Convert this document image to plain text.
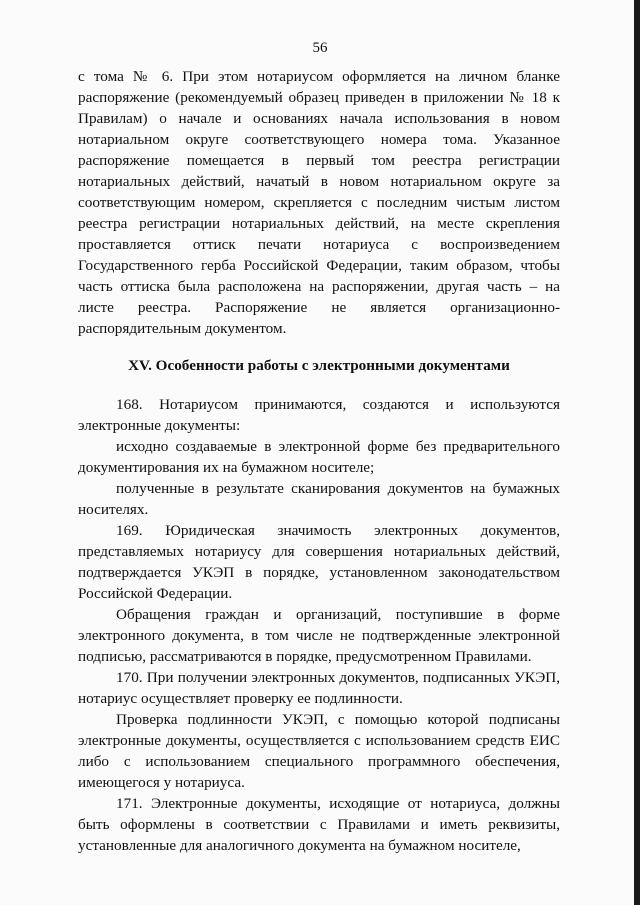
56

с тома № 6. При этом нотариусом оформляется на личном бланке распоряжение (рекомендуемый образец приведен в приложении № 18 к Правилам) о начале и основаниях начала использования в новом нотариальном округе соответствующего номера тома. Указанное распоряжение помещается в первый том реестра регистрации нотариальных действий, начатый в новом нотариальном округе за соответствующим номером, скрепляется с последним чистым листом реестра регистрации нотариальных действий, на месте скрепления проставляется оттиск печати нотариуса с воспроизведением Государственного герба Российской Федерации, таким образом, чтобы часть оттиска была расположена на распоряжении, другая часть – на листе реестра. Распоряжение не является организационно-распорядительным документом.

XV. Особенности работы с электронными документами

168. Нотариусом принимаются, создаются и используются электронные документы:

исходно создаваемые в электронной форме без предварительного документирования их на бумажном носителе;

полученные в результате сканирования документов на бумажных носителях.

169. Юридическая значимость электронных документов, представляемых нотариусу для совершения нотариальных действий, подтверждается УКЭП в порядке, установленном законодательством Российской Федерации.

Обращения граждан и организаций, поступившие в форме электронного документа, в том числе не подтвержденные электронной подписью, рассматриваются в порядке, предусмотренном Правилами.

170. При получении электронных документов, подписанных УКЭП, нотариус осуществляет проверку ее подлинности.

Проверка подлинности УКЭП, с помощью которой подписаны электронные документы, осуществляется с использованием средств ЕИС либо с использованием специального программного обеспечения, имеющегося у нотариуса.

171. Электронные документы, исходящие от нотариуса, должны быть оформлены в соответствии с Правилами и иметь реквизиты, установленные для аналогичного документа на бумажном носителе,
